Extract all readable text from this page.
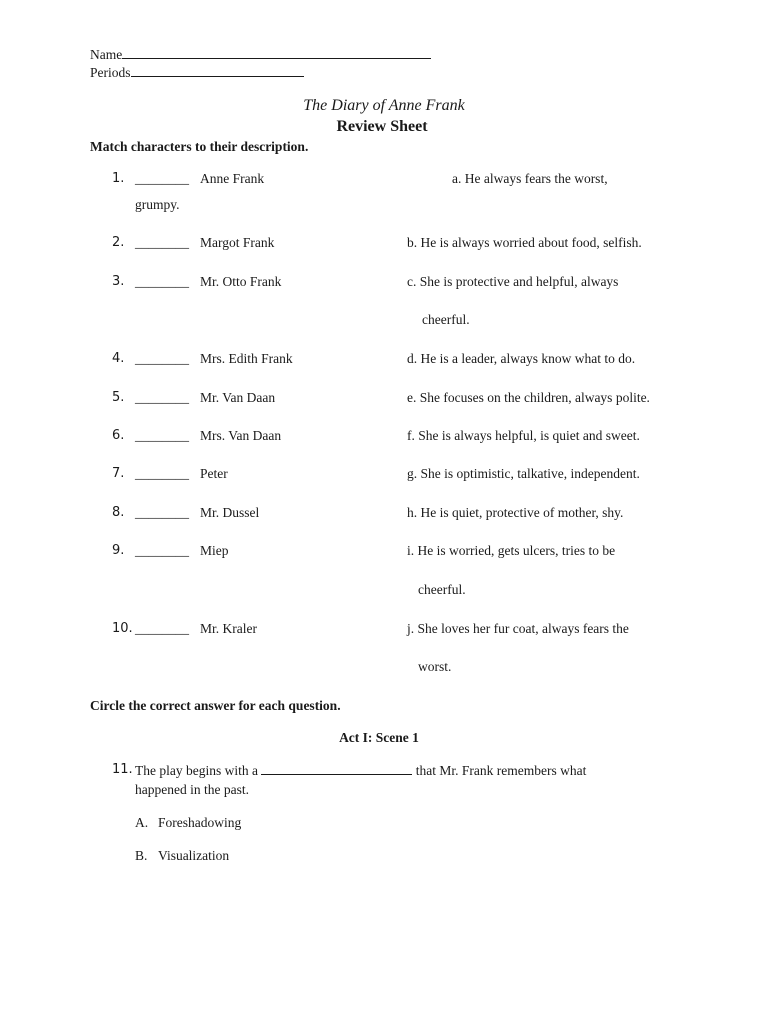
Name
Periods
The Diary of Anne Frank
Review Sheet
Match characters to their description.
1. ________ Anne Frank
2. ________ Margot Frank
3. ________ Mr. Otto Frank
4. ________ Mrs. Edith Frank
5. ________ Mr. Van Daan
6. ________ Mrs. Van Daan
7. ________ Peter
8. ________ Mr. Dussel
9. ________ Miep
10. ________ Mr. Kraler
a. He always fears the worst,
grumpy.
b. He is always worried about food, selfish.
c. She is protective and helpful, always
cheerful.
d. He is a leader, always know what to do.
e. She focuses on the children, always polite.
f. She is always helpful, is quiet and sweet.
g. She is optimistic, talkative, independent.
h. He is quiet, protective of mother, shy.
i. He is worried, gets ulcers, tries to be
cheerful.
j. She loves her fur coat, always fears the
worst.
Circle the correct answer for each question.
Act I: Scene 1
11. The play begins with a	that Mr. Frank remembers what
happened in the past.
A. Foreshadowing
B. Visualization
